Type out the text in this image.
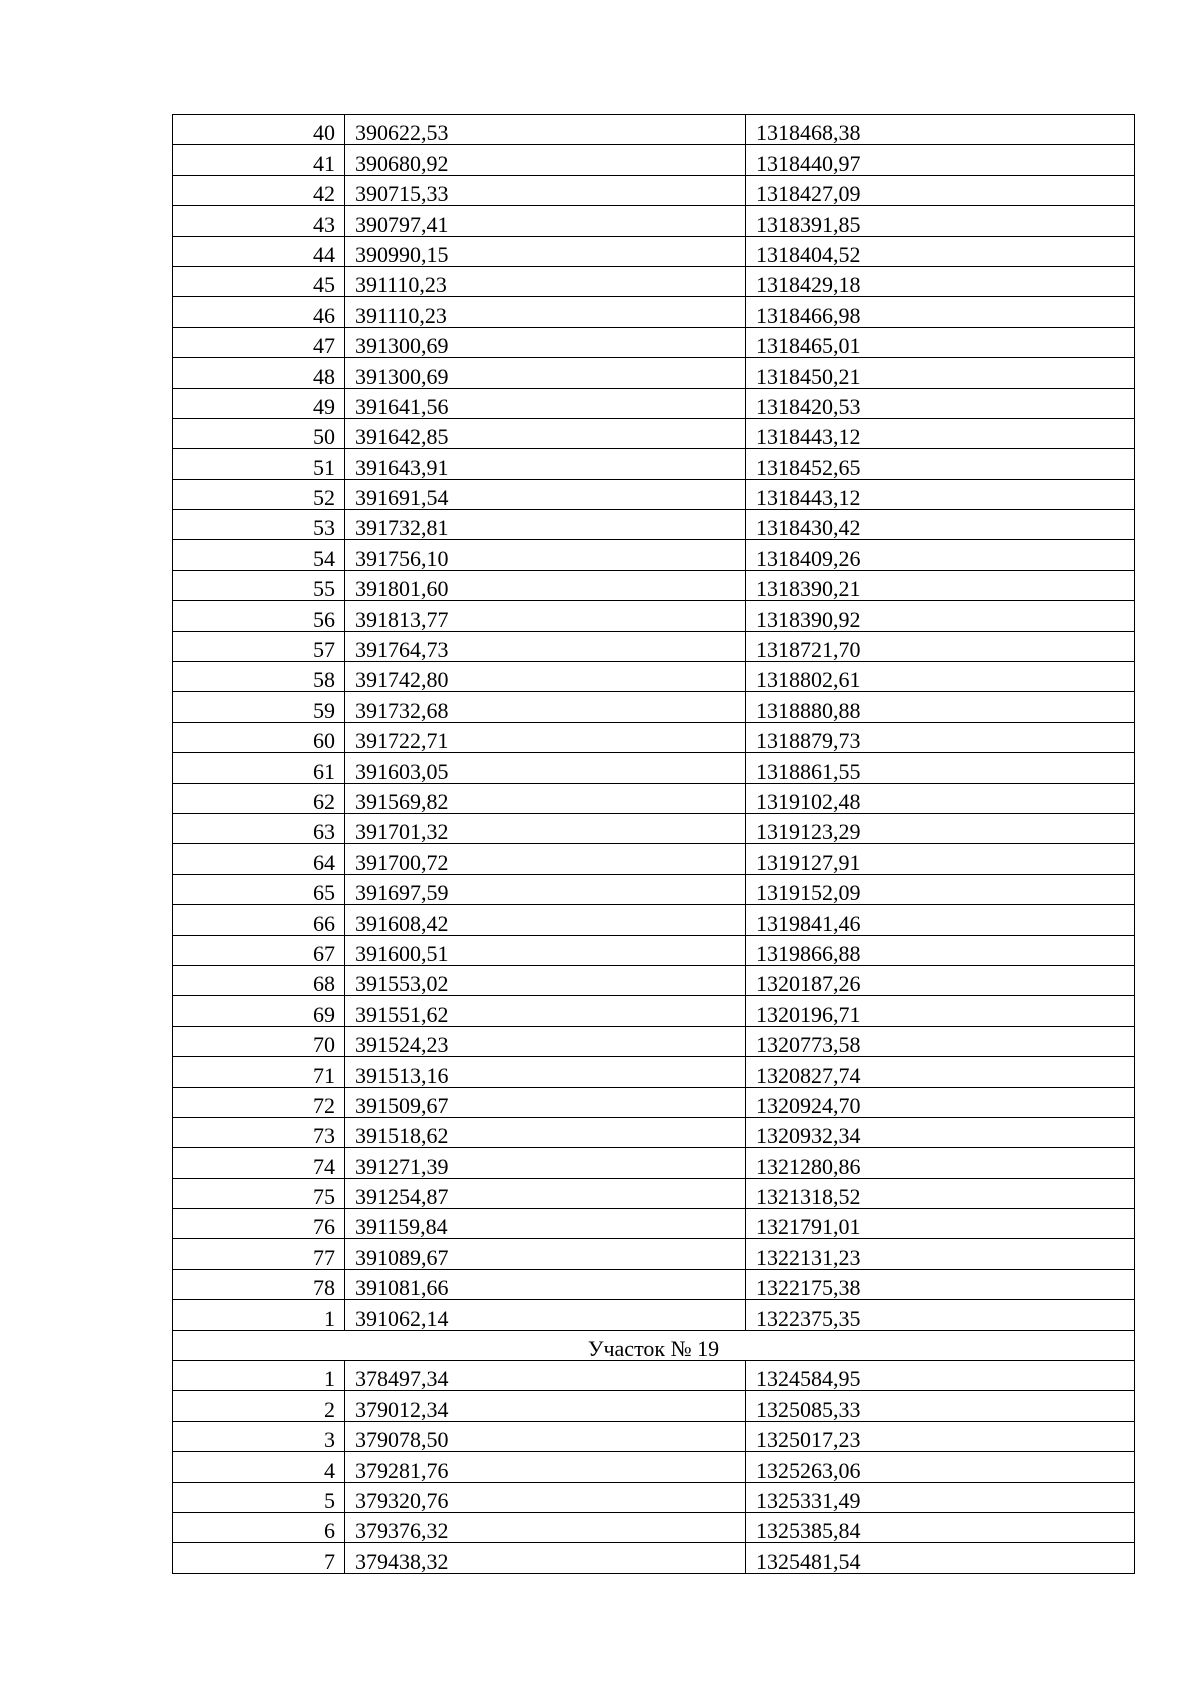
40	390622,53	1318468,38
41	390680,92	1318440,97
42	390715,33	1318427,09
43	390797,41	1318391,85
44	390990,15	1318404,52
45	391110,23	1318429,18
46	391110,23	1318466,98
47	391300,69	1318465,01
48	391300,69	1318450,21
49	391641,56	1318420,53
50	391642,85	1318443,12
51	391643,91	1318452,65
52	391691,54	1318443,12
53	391732,81	1318430,42
54	391756,10	1318409,26
55	391801,60	1318390,21
56	391813,77	1318390,92
57	391764,73	1318721,70
58	391742,80	1318802,61
59	391732,68	1318880,88
60	391722,71	1318879,73
61	391603,05	1318861,55
62	391569,82	1319102,48
63	391701,32	1319123,29
64	391700,72	1319127,91
65	391697,59	1319152,09
66	391608,42	1319841,46
67	391600,51	1319866,88
68	391553,02	1320187,26
69	391551,62	1320196,71
70	391524,23	1320773,58
71	391513,16	1320827,74
72	391509,67	1320924,70
73	391518,62	1320932,34
74	391271,39	1321280,86
75	391254,87	1321318,52
76	391159,84	1321791,01
77	391089,67	1322131,23
78	391081,66	1322175,38
1	391062,14	1322375,35
Участок № 19		
1	378497,34	1324584,95
2	379012,34	1325085,33
3	379078,50	1325017,23
4	379281,76	1325263,06
5	379320,76	1325331,49
6	379376,32	1325385,84
7	379438,32	1325481,54
